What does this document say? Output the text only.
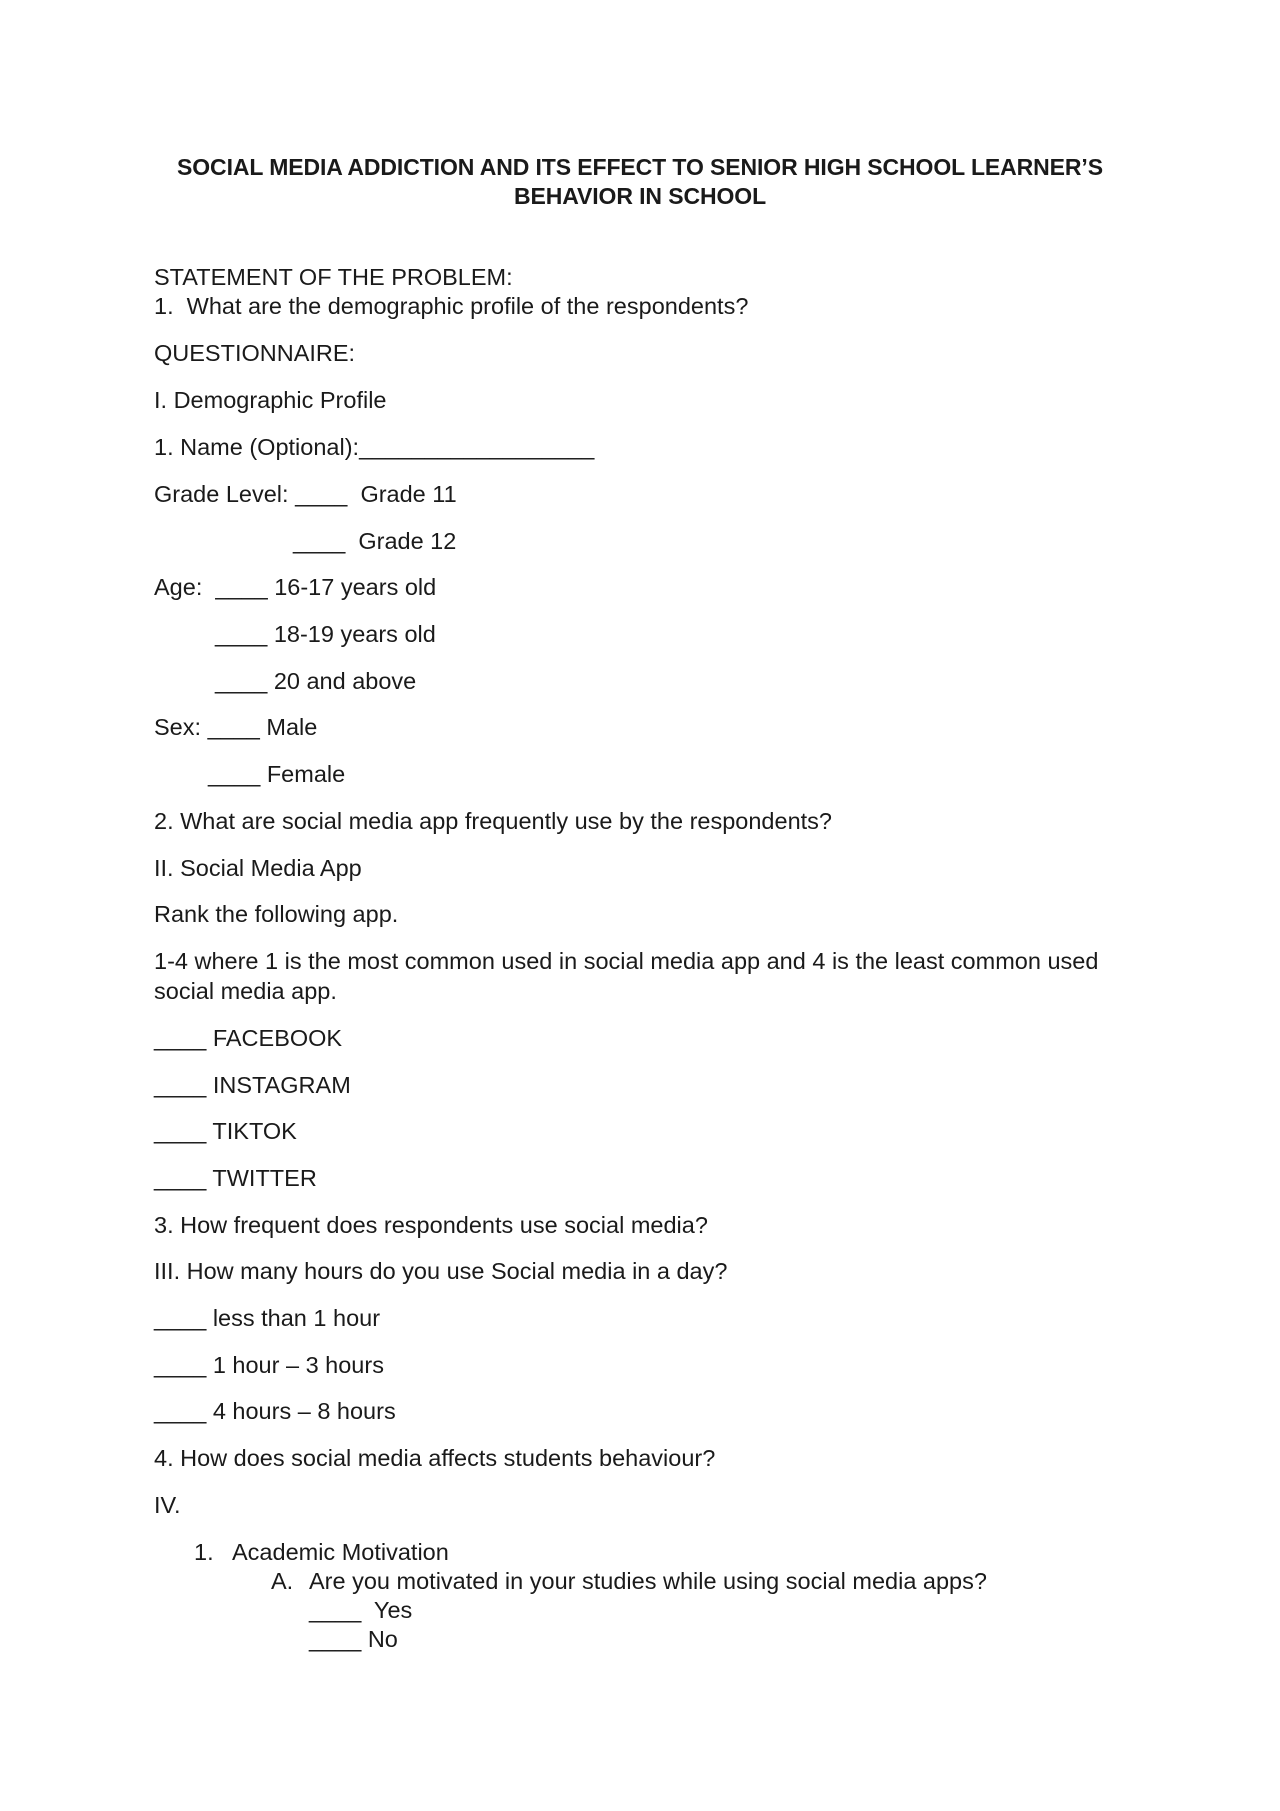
SOCIAL MEDIA ADDICTION AND ITS EFFECT TO SENIOR HIGH SCHOOL LEARNER’S
BEHAVIOR IN SCHOOL
STATEMENT OF THE PROBLEM:
1.  What are the demographic profile of the respondents?
QUESTIONNAIRE:
I. Demographic Profile
1. Name (Optional):__________________
Grade Level: ____ Grade 11
____ Grade 12
Age:  ____ 16-17 years old
____ 18-19 years old
____ 20 and above
Sex: ____ Male
____ Female
2. What are social media app frequently use by the respondents?
II. Social Media App
Rank the following app.
1-4 where 1 is the most common used in social media app and 4 is the least common used social media app.
____ FACEBOOK
____ INSTAGRAM
____ TIKTOK
____ TWITTER
3. How frequent does respondents use social media?
III. How many hours do you use Social media in a day?
____ less than 1 hour
____ 1 hour – 3 hours
____ 4 hours – 8 hours
4. How does social media affects students behaviour?
IV.
1. Academic Motivation
A. Are you motivated in your studies while using social media apps?
____ Yes
____ No
